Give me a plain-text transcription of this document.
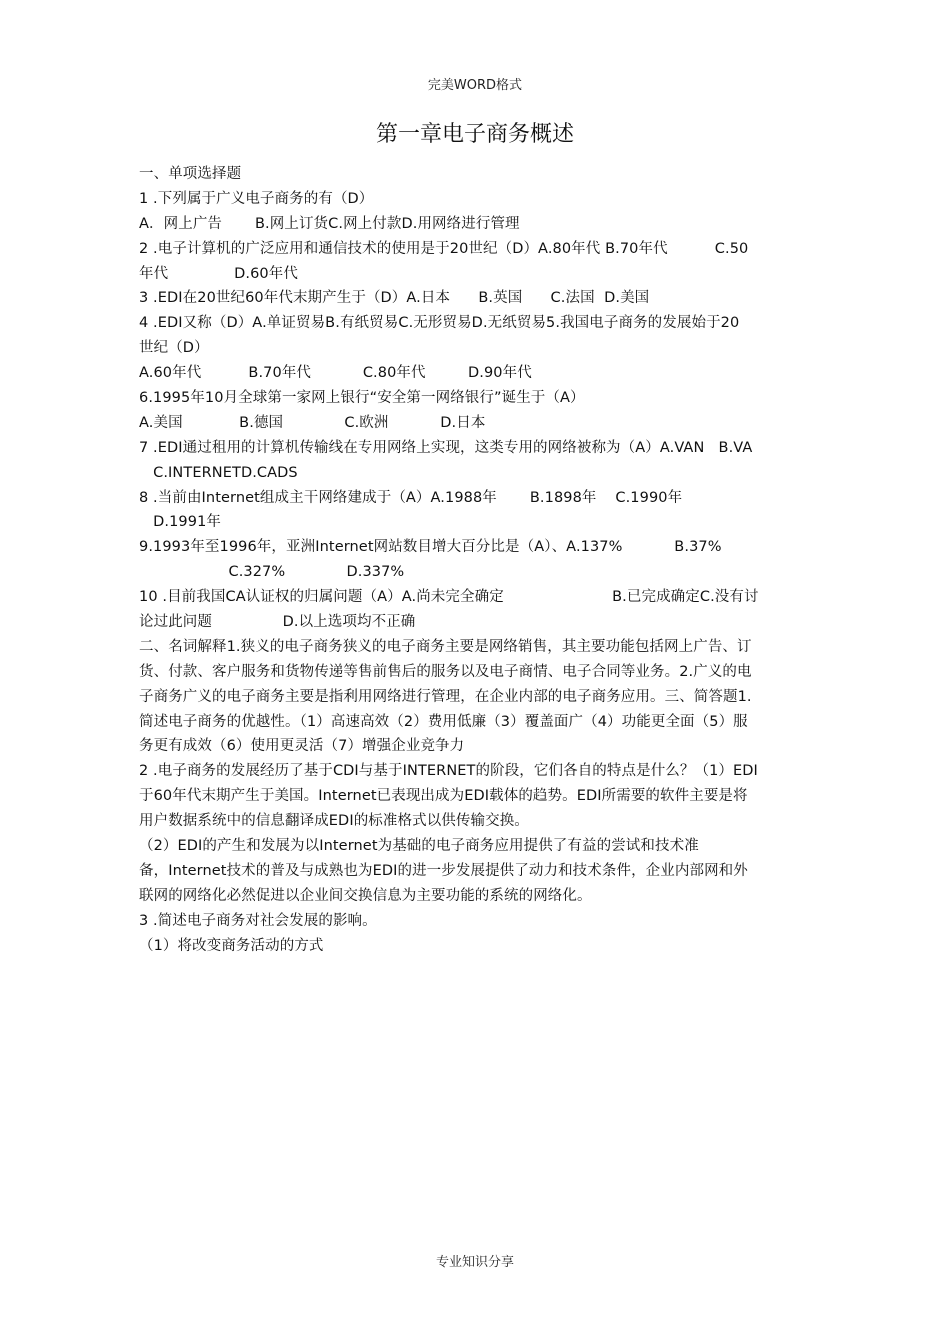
完美WORD格式
第一章电子商务概述
一、单项选择题
1 .下列属于广义电子商务的有（D）
A．网上广告       B.网上订货C.网上付款D.用网络进行管理
2 .电子计算机的广泛应用和通信技术的使用是于20世纪（D）A.80年代 B.70年代          C.50
年代              D.60年代
3 .EDI在20世纪60年代末期产生于（D）A.日本      B.英国      C.法国  D.美国
4 .EDI又称（D）A.单证贸易B.有纸贸易C.无形贸易D.无纸贸易5.我国电子商务的发展始于20
世纪（D）
A.60年代          B.70年代           C.80年代         D.90年代
6.1995年10月全球第一家网上银行“安全第一网络银行”诞生于（A）
A.美国            B.德国             C.欧洲           D.日本
7 .EDI通过租用的计算机传输线在专用网络上实现，这类专用的网络被称为（A）A.VAN   B.VA
C.INTERNETD.CADS
8 .当前由Internet组成主干网络建成于（A）A.1988年       B.1898年    C.1990年
D.1991年
9.1993年至1996年，亚洲Internet网站数目增大百分比是（A）、A.137%           B.37%
C.327%             D.337%
10 .目前我国CA认证权的归属问题（A）A.尚未完全确定                       B.已完成确定C.没有讨
论过此问题               D.以上选项均不正确
二、名词解释1.狭义的电子商务狭义的电子商务主要是网络销售，其主要功能包括网上广告、订
货、付款、客户服务和货物传递等售前售后的服务以及电子商情、电子合同等业务。2.广义的电
子商务广义的电子商务主要是指利用网络进行管理，在企业内部的电子商务应用。三、简答题1.
简述电子商务的优越性。（1）高速高效（2）费用低廉（3）覆盖面广（4）功能更全面（5）服
务更有成效（6）使用更灵活（7）增强企业竞争力
2 .电子商务的发展经历了基于CDI与基于INTERNET的阶段，它们各自的特点是什么？（1）EDI
于60年代末期产生于美国。Internet已表现出成为EDI载体的趋势。EDI所需要的软件主要是将
用户数据系统中的信息翻译成EDI的标准格式以供传输交换。
（2）EDI的产生和发展为以Internet为基础的电子商务应用提供了有益的尝试和技术准
备，Internet技术的普及与成熟也为EDI的进一步发展提供了动力和技术条件，企业内部网和外
联网的网络化必然促进以企业间交换信息为主要功能的系统的网络化。
3 .简述电子商务对社会发展的影响。
（1）将改变商务活动的方式
专业知识分享
